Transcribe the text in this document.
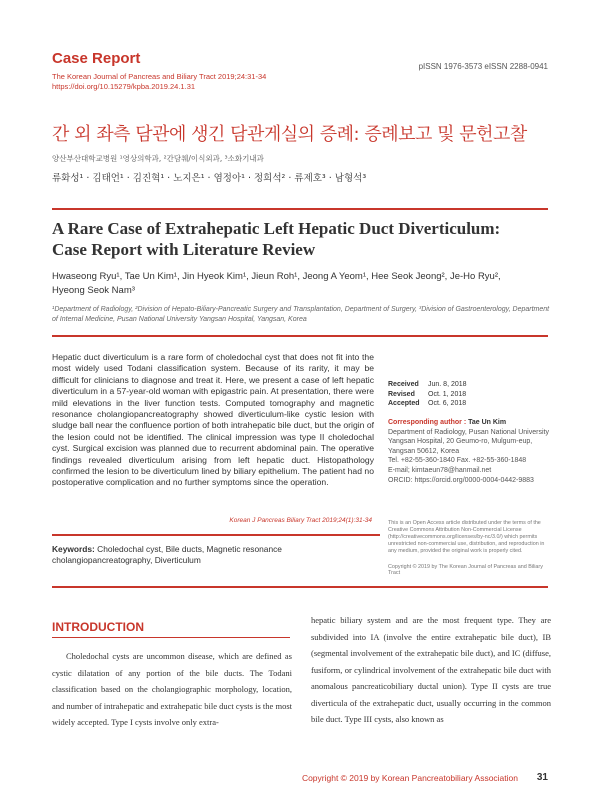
Case Report
The Korean Journal of Pancreas and Biliary Tract 2019;24:31-34
https://doi.org/10.15279/kpba.2019.24.1.31
pISSN 1976-3573 eISSN 2288-0941
간 외 좌측 담관에 생긴 담관게실의 증례: 증례보고 및 문헌고찰
양산부산대학교병원 ¹영상의학과, ²간담췌/이식외과, ³소화기내과
류화성¹ · 김태언¹ · 김진혁¹ · 노지은¹ · 염정아¹ · 정희석² · 류제호³ · 남형석³
A Rare Case of Extrahepatic Left Hepatic Duct Diverticulum:
Case Report with Literature Review
Hwaseong Ryu¹, Tae Un Kim¹, Jin Hyeok Kim¹, Jieun Roh¹, Jeong A Yeom¹, Hee Seok Jeong², Je-Ho Ryu²,
Hyeong Seok Nam³
¹Department of Radiology, ²Division of Hepato-Biliary-Pancreatic Surgery and Transplantation, Department of Surgery, ³Division of Gastroenterology, Department of Internal Medicine, Pusan National University Yangsan Hospital, Yangsan, Korea
Hepatic duct diverticulum is a rare form of choledochal cyst that does not fit into the most widely used Todani classification system. Because of its rarity, it may be difficult for clinicians to diagnose and treat it. Here, we present a case of left hepatic diverticulum in a 57-year-old woman with epigastric pain. At presentation, there were mild elevations in the liver function tests. Computed tomography and magnetic resonance cholangiopancreatography showed diverticulum-like cystic lesion with sludge ball near the confluence portion of both intrahepatic bile duct, but the origin of the lesion could not be identified. The clinical impression was type II choledochal cyst. Surgical excision was planned due to recurrent abdominal pain. The operative findings revealed diverticulum arising from left hepatic duct. Histopathology confirmed the lesion to be diverticulum lined by biliary epithelium. The patient had no postoperative complication and no further symptoms since the operation.
Korean J Pancreas Biliary Tract 2019;24(1):31-34
Keywords: Choledochal cyst, Bile ducts, Magnetic resonance cholangiopancreatography, Diverticulum
Received Jun. 8, 2018
Revised Oct. 1, 2018
Accepted Oct. 6, 2018
Corresponding author : Tae Un Kim
Department of Radiology, Pusan National University
Yangsan Hospital, 20 Geumo-ro, Mulgum-eup,
Yangsan 50612, Korea
Tel. +82-55-360-1840 Fax. +82-55-360-1848
E-mail; kimtaeun78@hanmail.net
ORCID: https://orcid.org/0000-0004-0442-9883
This is an Open Access article distributed under the terms of the Creative Commons Attribution Non-Commercial License (http://creativecommons.org/licenses/by-nc/3.0/) which permits unrestricted non-commercial use, distribution, and reproduction in any medium, provided the original work is properly cited.
Copyright © 2019 by The Korean Journal of Pancreas and Biliary Tract
INTRODUCTION

Choledochal cysts are uncommon disease, which are defined as cystic dilatation of any portion of the bile ducts. The Todani classification based on the cholangiographic morphology, location, and number of intrahepatic and extrahepatic bile duct cysts is the most widely accepted. Type I cysts involve only extra-

hepatic biliary system and are the most frequent type. They are subdivided into IA (involve the entire extrahepatic bile duct), IB (segmental involvement of the extrahepatic bile duct), and IC (diffuse, fusiform, or cylindrical involvement of the extrahepatic bile duct with anomalous pancreaticobiliary ductal union). Type II cysts are true diverticula of the extrahepatic duct, usually occurring in the common bile duct. Type III cysts, also known as

Copyright © 2019 by Korean Pancreatobiliary Association 31
